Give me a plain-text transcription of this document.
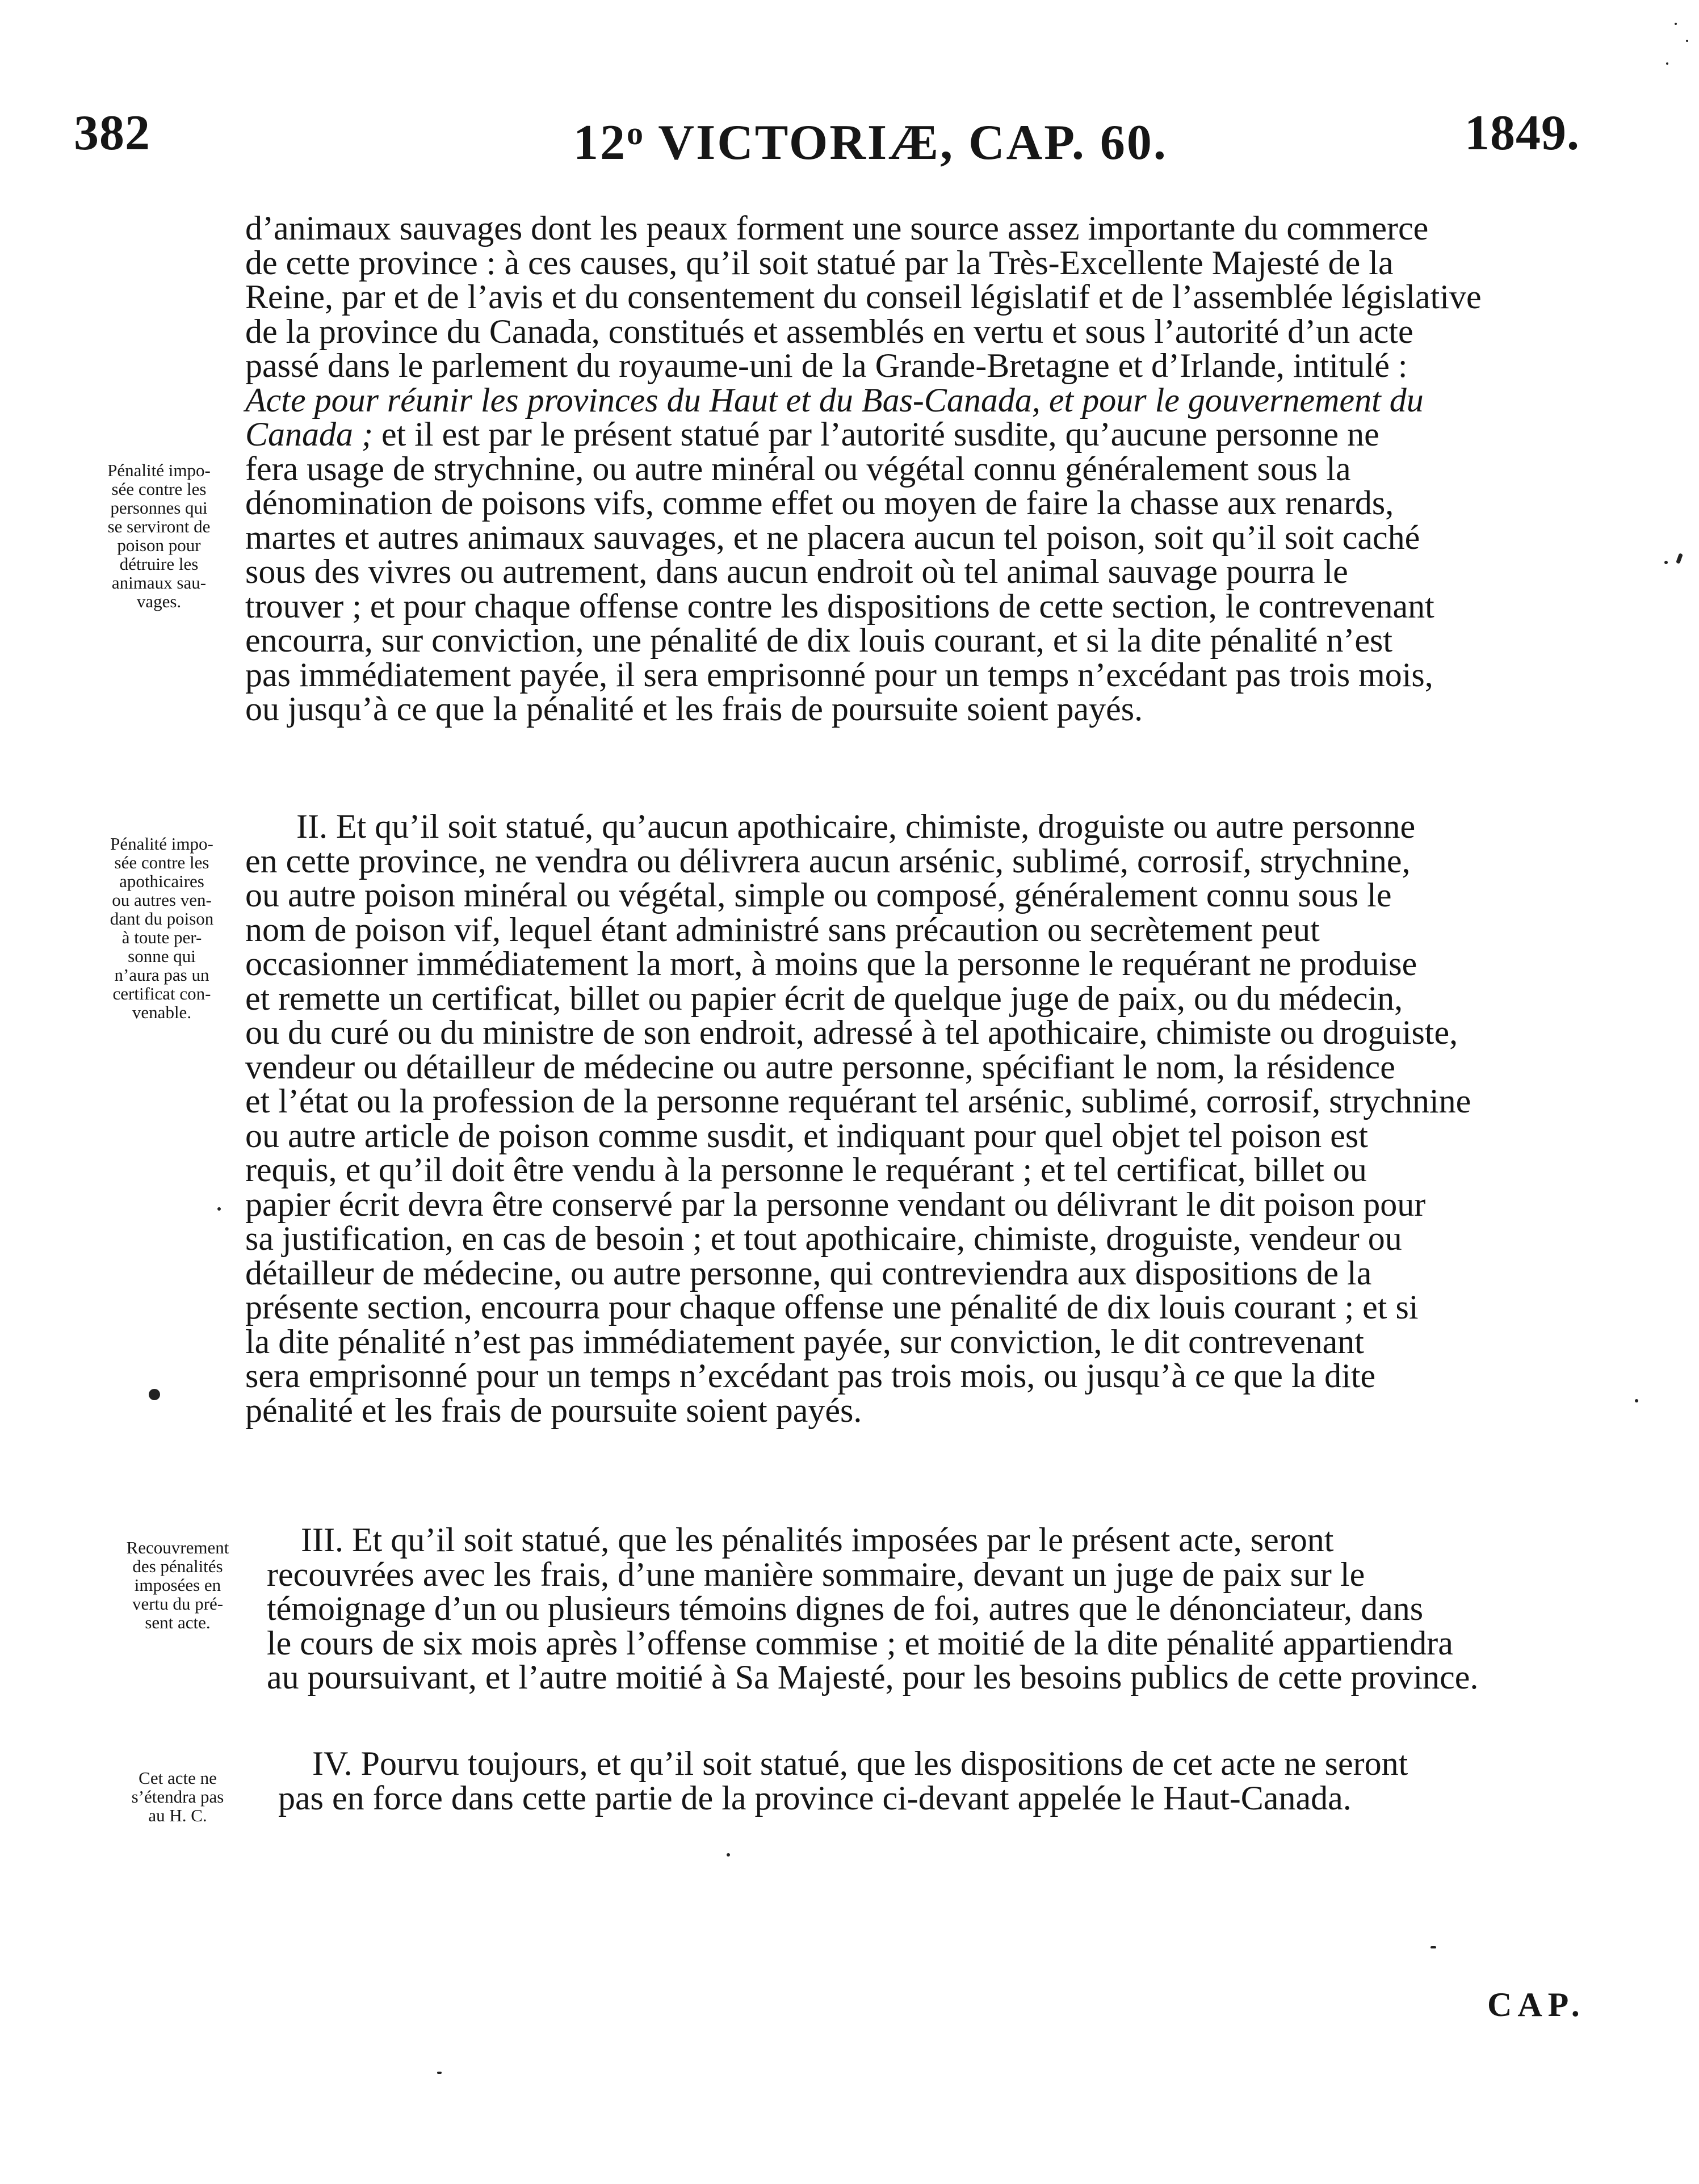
382	12$^o$ VICTORIÆ, CAP. 60.	1849.
d’animaux sauvages dont les peaux forment une source assez importante du commerce
de cette province : à ces causes, qu’il soit statué par la Très-Excellente Majesté de la
Reine, par et de l’avis et du consentement du conseil législatif et de l’assemblée législative
de la province du Canada, constitués et assemblés en vertu et sous l’autorité d’un acte
passé dans le parlement du royaume-uni de la Grande-Bretagne et d’Irlande, intitulé :
Acte pour réunir les provinces du Haut et du Bas-Canada, et pour le gouvernement du
Canada ; et il est par le présent statué par l’autorité susdite, qu’aucune personne ne
fera usage de strychnine, ou autre minéral ou végétal connu généralement sous la
dénomination de poisons vifs, comme effet ou moyen de faire la chasse aux renards,
martes et autres animaux sauvages, et ne placera aucun tel poison, soit qu’il soit caché
sous des vivres ou autrement, dans aucun endroit où tel animal sauvage pourra le
trouver ; et pour chaque offense contre les dispositions de cette section, le contrevenant
encourra, sur conviction, une pénalité de dix louis courant, et si la dite pénalité n’est
pas immédiatement payée, il sera emprisonné pour un temps n’excédant pas trois mois,
ou jusqu’à ce que la pénalité et les frais de poursuite soient payés.
Pénalité impo-
sée contre les
personnes qui
se serviront de
poison pour
détruire les
animaux sau-
vages.
II. Et qu’il soit statué, qu’aucun apothicaire, chimiste, droguiste ou autre personne
en cette province, ne vendra ou délivrera aucun arsénic, sublimé, corrosif, strychnine,
ou autre poison minéral ou végétal, simple ou composé, généralement connu sous le
nom de poison vif, lequel étant administré sans précaution ou secrètement peut
occasionner immédiatement la mort, à moins que la personne le requérant ne produise
et remette un certificat, billet ou papier écrit de quelque juge de paix, ou du médecin,
ou du curé ou du ministre de son endroit, adressé à tel apothicaire, chimiste ou droguiste,
vendeur ou détailleur de médecine ou autre personne, spécifiant le nom, la résidence
et l’état ou la profession de la personne requérant tel arsénic, sublimé, corrosif, strychnine
ou autre article de poison comme susdit, et indiquant pour quel objet tel poison est
requis, et qu’il doit être vendu à la personne le requérant ; et tel certificat, billet ou
papier écrit devra être conservé par la personne vendant ou délivrant le dit poison pour
sa justification, en cas de besoin ; et tout apothicaire, chimiste, droguiste, vendeur ou
détailleur de médecine, ou autre personne, qui contreviendra aux dispositions de la
présente section, encourra pour chaque offense une pénalité de dix louis courant ; et si
la dite pénalité n’est pas immédiatement payée, sur conviction, le dit contrevenant
sera emprisonné pour un temps n’excédant pas trois mois, ou jusqu’à ce que la dite
pénalité et les frais de poursuite soient payés.
Pénalité impo-
sée contre les
apothicaires
ou autres ven-
dant du poison
à toute per-
sonne qui
n’aura pas un
certificat con-
venable.
III. Et qu’il soit statué, que les pénalités imposées par le présent acte, seront
recouvrées avec les frais, d’une manière sommaire, devant un juge de paix sur le
témoignage d’un ou plusieurs témoins dignes de foi, autres que le dénonciateur, dans
le cours de six mois après l’offense commise ; et moitié de la dite pénalité appartiendra
au poursuivant, et l’autre moitié à Sa Majesté, pour les besoins publics de cette province.
Recouvrement
des pénalités
imposées en
vertu du pré-
sent acte.
IV. Pourvu toujours, et qu’il soit statué, que les dispositions de cet acte ne seront
pas en force dans cette partie de la province ci-devant appelée le Haut-Canada.
Cet acte ne
s’étendra pas
au H. C.
CAP.
